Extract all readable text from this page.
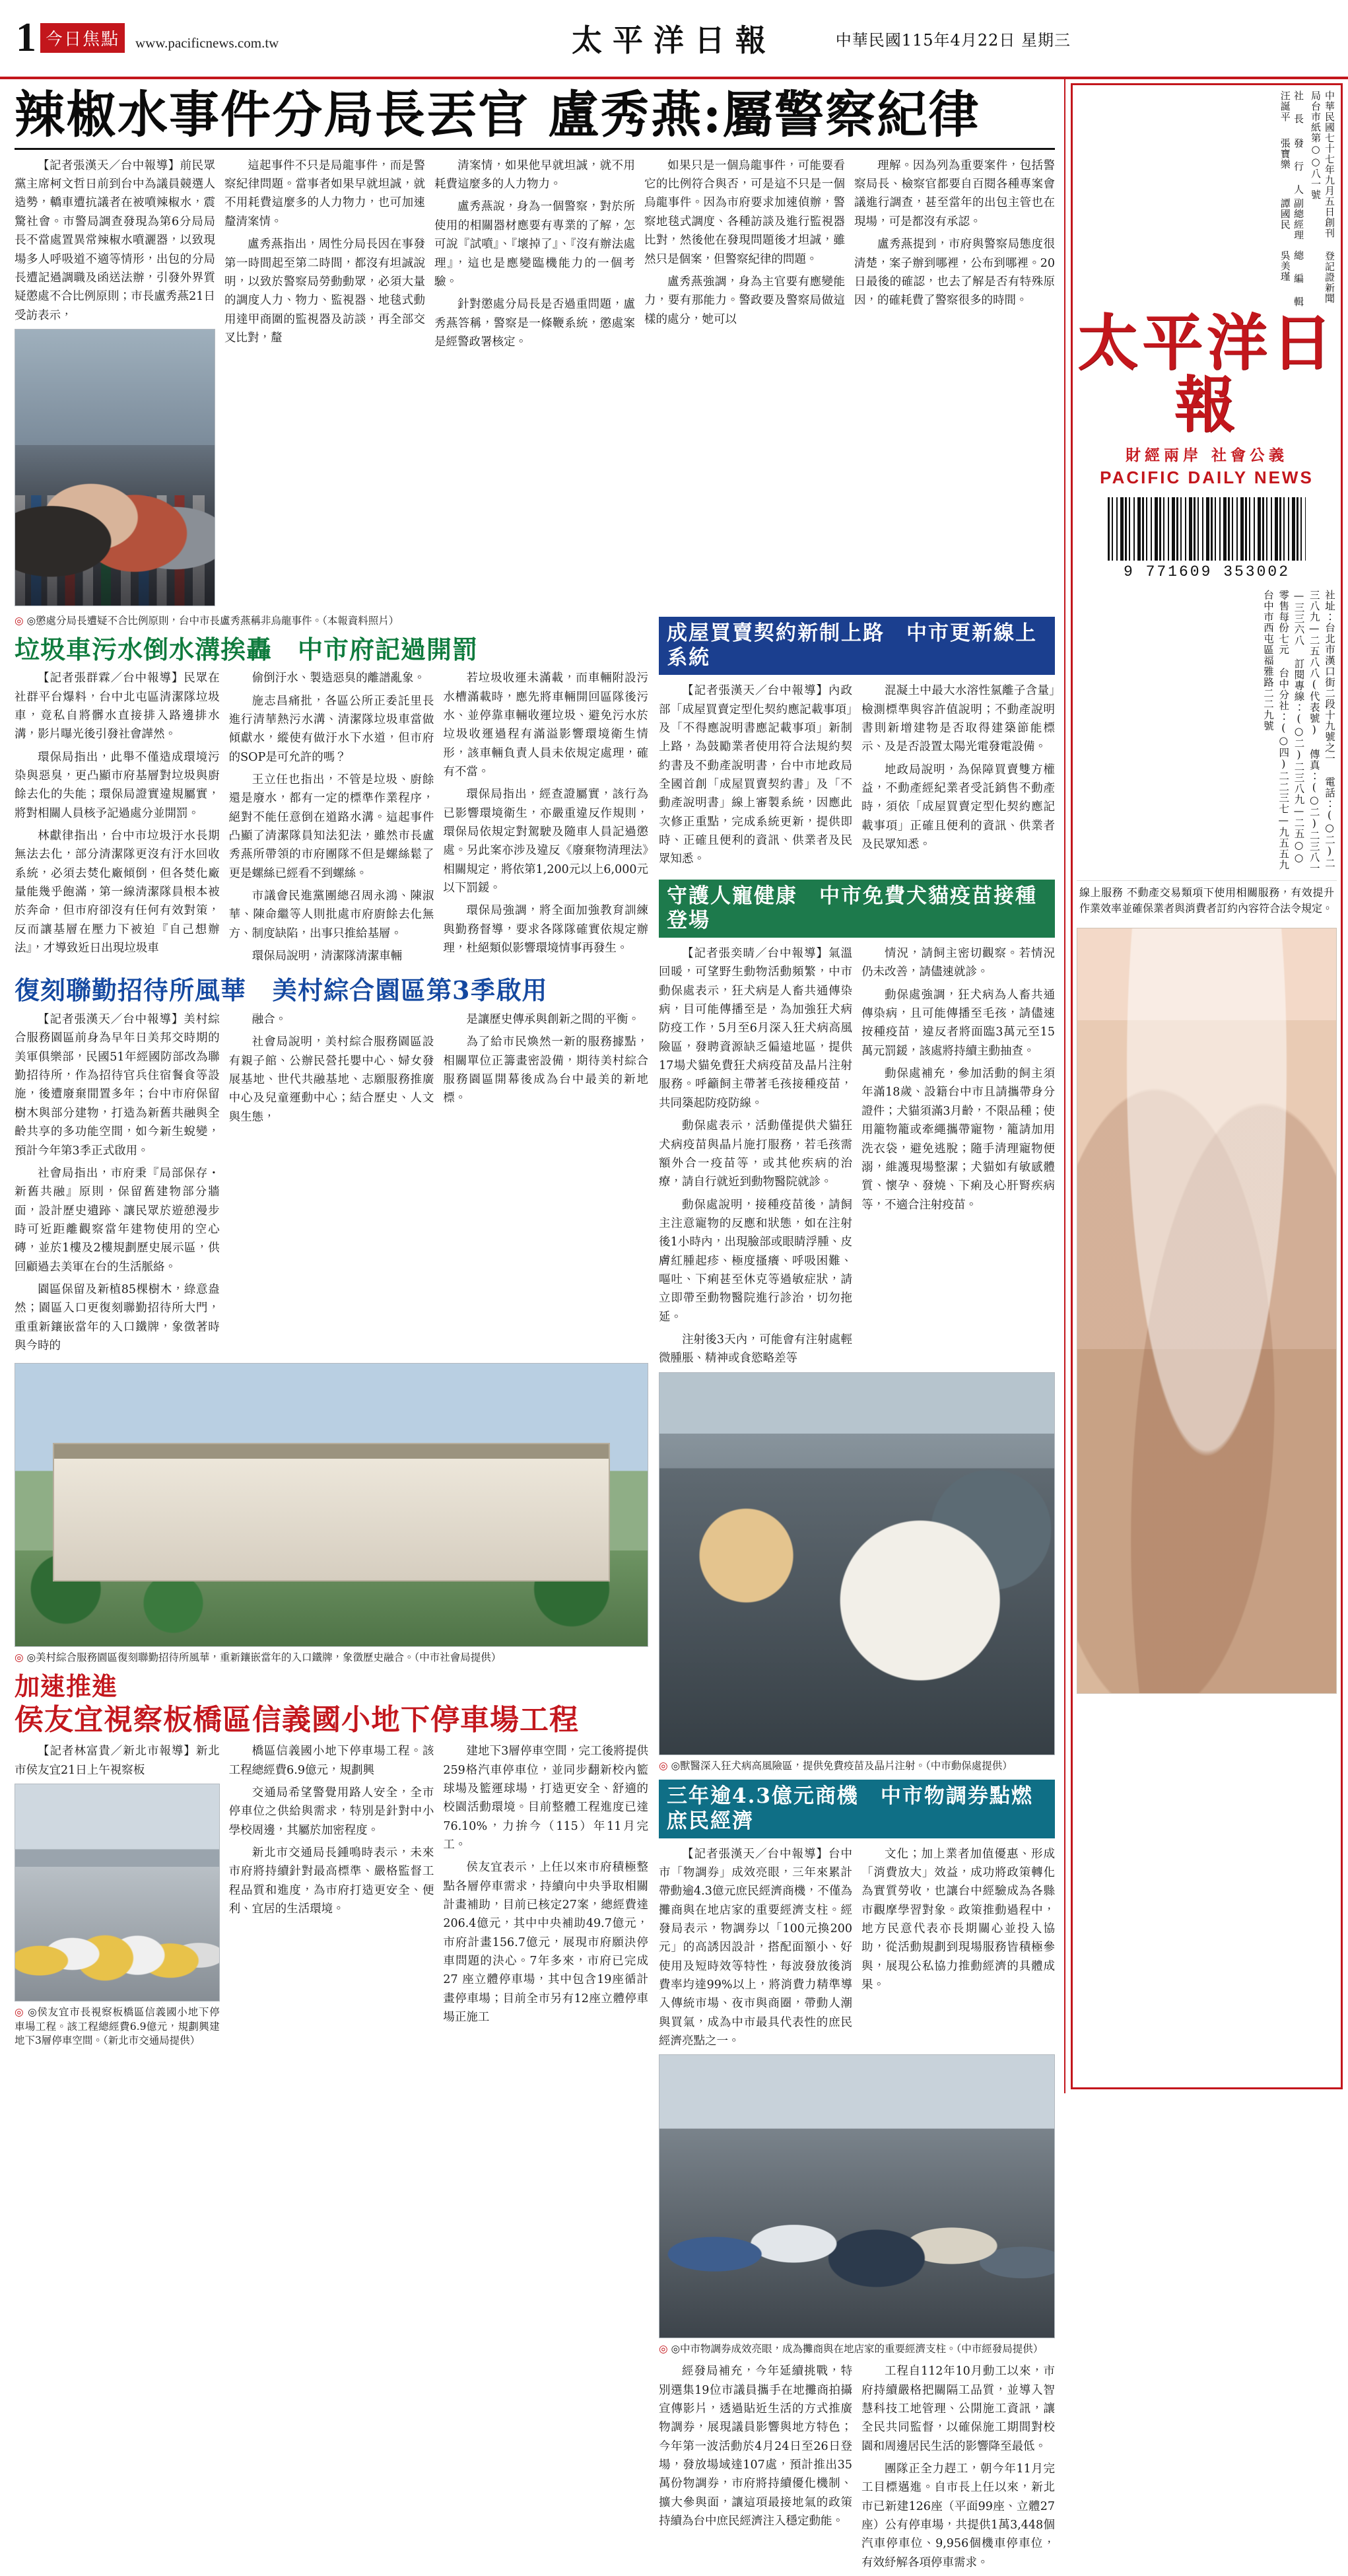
1 今日焦點	www.pacificnews.com.tw	太平洋日報	中華民國115年4月22日 星期三
辣椒水事件分局長丟官 盧秀燕:屬警察紀律

【記者張漢天／台中報導】前民眾黨主席柯文哲日前到台中為議員競選人造勢，轎車遭抗議者在被噴辣椒水，震驚社會。市警局調查發現為第6分局局長不當處置異常辣椒水噴灑器，以致現場多人呼吸道不適等情形，出包的分局長遭記過調職及函送法辦，引發外界質疑懲處不合比例原則；市長盧秀燕21日受訪表示，

這起事件不只是局龍事件，而是警察紀律問題。當事者如果早就坦誠，就不用耗費這麼多的人力物力，也可加速釐清案情。

盧秀燕指出，周性分局長因在事發第一時間起至第二時間，都沒有坦誠說明，以致於警察局勞動動眾，必須大量的調度人力、物力、監視器、地毯式動用達甲商圍的監視器及訪談，再全部交叉比對，釐

清案情，如果他早就坦誠，就不用耗費這麼多的人力物力。

盧秀燕說，身為一個警察，對於所使用的相關器材應要有專業的了解，怎可說『試噴』、『壞掉了』、『沒有辦法處理』，這也是應變臨機能力的一個考驗。

針對懲處分局長是否過重問題，盧秀燕答稱，警察是一條鞭系統，懲處案是經警政署核定。

如果只是一個烏龍事件，可能要看它的比例符合與否，可是這不只是一個烏龍事件。因為市府要求加速偵辦，警察地毯式調度、各種訪談及進行監視器比對，然後他在發現問題後才坦誠，雖然只是個案，但警察紀律的問題。

盧秀燕強調，身為主官要有應變能力，要有那能力。警政要及警察局做這樣的處分，她可以

理解。因為列為重要案件，包括警察局長、檢察官都要自百閱各種專案會議進行調查，甚至當年的出包主管也在現場，可是都沒有承認。

盧秀燕提到，市府與警察局態度很清楚，案子辦到哪裡，公布到哪裡。20日最後的確認，也去了解是否有特殊原因，的確耗費了警察很多的時間。

◎ ◎懲處分局長遭疑不合比例原則，台中市長盧秀燕稱非烏龍事件。（本報資料照片）
垃圾車污水倒水溝挨轟　中市府記過開罰

【記者張群霖／台中報導】民眾在社群平台爆料，台中北屯區清潔隊垃圾車，竟私自將髒水直接排入路邊排水溝，影片曝光後引發社會譁然。

環保局指出，此舉不僅造成環境污染與惡臭，更凸顯市府基層對垃圾與廚餘去化的失能；環保局證實違規屬實，將對相關人員核予記過處分並開罰。

林獻律指出，台中市垃圾汙水長期無法去化，部分清潔隊更沒有汙水回收系統，必須去焚化廠傾倒，但各焚化廠量能幾乎飽滿，第一線清潔隊員根本被於奔命，但市府卻沒有任何有效對策，反而讓基層在壓力下被迫『自己想辦法』，才導致近日出現垃圾車

偷倒汙水、製造惡臭的離譜亂象。

施志昌痛批，各區公所正委託里長進行清華熱污水溝、清潔隊垃圾車當做傾獻水，縱使有做汙水下水道，但市府的SOP是可允許的嗎？

王立任也指出，不管是垃圾、廚餘還是廢水，都有一定的標準作業程序，絕對不能任意倒在道路水溝。這起事件凸顯了清潔隊員知法犯法，雖然市長盧秀燕所帶領的市府團隊不但是螺絲鬆了更是螺絲已經看不到螺絲。

市議會民進黨團總召周永鴻、陳淑華、陳命繼等人則批處市府廚餘去化無方、制度缺陷，出事只推給基層。

環保局說明，清潔隊清潔車輛

若垃圾收運未滿載，而車輛附設污水槽滿載時，應先將車輛開回區隊後污水、並停靠車輛收運垃圾、避免污水於垃圾收運過程有滿溢影響環境衛生情形，該車輛負責人員未依規定處理，確有不當。

環保局指出，經查證屬實，該行為已影響環境衛生，亦嚴重違反作規則，環保局依規定對駕駛及隨車人員記過懲處。另此案亦涉及違反《廢棄物清理法》相關規定，將依第1,200元以上6,000元以下罰鍰。

環保局強調，將全面加強教育訓練與勤務督導，要求各隊隊確實依規定辦理，杜絕類似影響環境情事再發生。

復刻聯勤招待所風華　美村綜合園區第3季啟用

【記者張漢天／台中報導】美村綜合服務園區前身為早年日美邦交時期的美軍俱樂部，民國51年經國防部改為聯勤招待所，作為招待官兵住宿餐食等設施，後遭廢棄閒置多年；台中市府保留樹木與部分建物，打造為新舊共融與全齡共享的多功能空間，如今新生蛻變，預計今年第3季正式啟用。

社會局指出，市府秉『局部保存・新舊共融』原則，保留舊建物部分牆面，設計歷史遺跡、讓民眾於遊憩漫步時可近距離觀察當年建物使用的空心磚，並於1樓及2樓規劃歷史展示區，供回顧過去美軍在台的生活脈絡。

園區保留及新植85棵樹木，綠意盎然；園區入口更復刻聯勤招待所大門，重重新鑲嵌當年的入口鐵牌，象徵著時與今時的

融合。

社會局說明，美村綜合服務園區設有親子館、公辦民營托嬰中心、婦女發展基地、世代共融基地、志願服務推廣中心及兒童運動中心；結合歷史、人文與生態，

是讓歷史傳承與創新之間的平衡。

為了給市民煥然一新的服務據點，相關單位正籌畫密設備，期待美村綜合服務園區開幕後成為台中最美的新地標。

◎ ◎美村綜合服務園區復刻聯勤招待所風華，重新鑲嵌當年的入口鐵牌，象徵歷史融合。（中市社會局提供）
加速推進
侯友宜視察板橋區信義國小地下停車場工程

【記者林富貴／新北市報導】新北市侯友宜21日上午視察板

◎ ◎侯友宜市長視察板橋區信義國小地下停車場工程。該工程總經費6.9億元，規劃興建地下3層停車空間。（新北市交通局提供）

橋區信義國小地下停車場工程。該工程總經費6.9億元，規劃興

交通局希望警覺用路人安全，全市停車位之供給與需求，特別是針對中小學校周邊，其屬於加密程度。

新北市交通局長鍾鳴時表示，未來市府將持續針對最高標準、嚴格監督工程品質和進度，為市府打造更安全、便利、宜居的生活環境。

建地下3層停車空間，完工後將提供259格汽車停車位，並同步翻新校內籃球場及籃運球場，打造更安全、舒適的校園活動環境。目前整體工程進度已達76.10%，力拚今（115）年11月完工。

侯友宜表示，上任以來市府積極整點各層停車需求，持續向中央爭取相關計畫補助，目前已核定27案，總經費達206.4億元，其中中央補助49.7億元，市府計畫156.7億元，展現市府願決停車問題的決心。7年多來，市府已完成 27 座立體停車場，其中包含19座循計畫停車場；目前全市另有12座立體停車場正施工

成屋買賣契約新制上路　中市更新線上系統

【記者張漢天／台中報導】內政部「成屋買賣定型化契約應記載事項」及「不得應說明書應記載事項」新制上路，為鼓勵業者使用符合法規約契約書及不動產說明書，台中市地政局全國首創「成屋買賣契約書」及「不動產說明書」線上審製系統，因應此次修正重點，完成系統更新，提供即時、正確且便利的資訊、供業者及民眾知悉。

混凝土中最大水溶性氯離子含量」檢測標準與容許值說明；不動產說明書則新增建物是否取得建築節能標示、及是否設置太陽光電發電設備。

地政局說明，為保障買賣雙方權益，不動產經紀業者受託銷售不動產時，須依「成屋買賣定型化契約應記載事項」正確且便利的資訊、供業者及民眾知悉。

守護人寵健康　中市免費犬貓疫苗接種登場

【記者張奕晴／台中報導】氣溫回暖，可望野生動物活動頻繁，中市動保處表示，狂犬病是人畜共通傳染病，目可能傳播至是，為加強狂犬病防疫工作，5月至6月深入狂犬病高風險區，發聘資源缺乏偏遠地區，提供17場犬貓免費狂犬病疫苗及晶片注射服務。呼籲飼主帶著毛孩接種疫苗，共同築起防疫防線。

動保處表示，活動僅提供犬貓狂犬病疫苗與晶片施打服務，若毛孩需額外合一疫苗等，或其他疾病的治療，請自行就近到動物醫院就診。

動保處說明，接種疫苗後，請飼主注意寵物的反應和狀態，如在注射後1小時內，出現臉部或眼睛浮腫、皮膚紅腫起疹、極度搔癢、呼吸困難、嘔吐、下痢甚至休克等過敏症狀，請立即帶至動物醫院進行診治，切勿拖延。

注射後3天內，可能會有注射處輕微腫脹、精神或食慾略差等

情況，請飼主密切觀察。若情況仍未改善，請儘速就診。

動保處強調，狂犬病為人畜共通傳染病，且可能傳播至毛孩，請儘速按種疫苗，違反者將面臨3萬元至15萬元罰鍰，該處將持續主動抽查。

動保處補充，參加活動的飼主須年滿18歲、設籍台中市且請攜帶身分證件；犬貓須滿3月齡，不限品種；使用籠物籠或牽繩攜帶寵物，籠請加用洗衣袋，避免逃脫；隨手清理寵物便溺，維護現場整潔；犬貓如有敏感體質、懷孕、發燒、下痢及心肝腎疾病等，不適合注射疫苗。

◎ ◎獸醫深入狂犬病高風險區，提供免費疫苗及晶片注射。（中市動保處提供）
三年逾4.3億元商機　中市物調券點燃庶民經濟

【記者張漢天／台中報導】台中市「物調券」成效亮眼，三年來累計帶動逾4.3億元庶民經濟商機，不僅為攤商與在地店家的重要經濟支柱。經發局表示，物調券以「100元換200元」的高誘因設計，搭配面額小、好使用及短時效等特性，每波發放後消費率均達99%以上，將消費力精準導入傳統市場、夜市與商圈，帶動人潮與買氣，成為中市最具代表性的庶民經濟亮點之一。

文化；加上業者加值優惠、形成「消費放大」效益，成功將政策轉化為實質勞收，也讓台中經驗成為各縣市觀摩學習對象。政策推動過程中，地方民意代表亦長期關心並投入協助，從活動規劃到現場服務皆積極參與，展現公私協力推動經濟的具體成果。

◎ ◎中市物調券成效亮眼，成為攤商與在地店家的重要經濟支柱。（中市經發局提供）

經發局補充，今年延續挑戰，特別選集19位市議員攜手在地攤商拍攝宣傳影片，透過貼近生活的方式推廣物調券，展現議員影響與地方特色；今年第一波活動於4月24日至26日登場，發放場域達107處，預計推出35萬份物調券，市府將持續優化機制、擴大參與面，讓這項最接地氣的政策持續為台中庶民經濟注入穩定動能。

工程自112年10月動工以來，市府持續嚴格把關隔工品質，並導入智慧科技工地管理、公開施工資訊，讓全民共同監督，以確保施工期間對校園和周邊居民生活的影響降至最低。

團隊正全力趕工，朝今年11月完工目標邁進。自市長上任以來，新北市已新建126座（平面99座、立體27座）公有停車場，共提供1萬3,448個汽車停車位、9,956個機車停車位，有效紓解各項停車需求。

社 長 汪誕平
發 行 人 張寶樂
副總經理 譚國民
總 編 輯 吳美瑾	中華民國七十七年九月五日創刊 登記證新聞局台市紙第○○八一號
太平洋日報
財經兩岸 社會公義
PACIFIC DAILY NEWS
9 771609 353002
社址：台北市漢口街二段十九號之一 電話：(○二)二三八九—二五八八(代表號) 傳真：(○二)二三八一—三三六八 訂閱專線：(○二)二三八九—二五○○ 零售每份七元 台中分社：(○四)二二三七—九五五九 台中市西屯區福雅路二二九號
線上服務 不動產交易類項下使用相關服務，有效提升作業效率並確保業者與消費者訂約內容符合法令規定。
